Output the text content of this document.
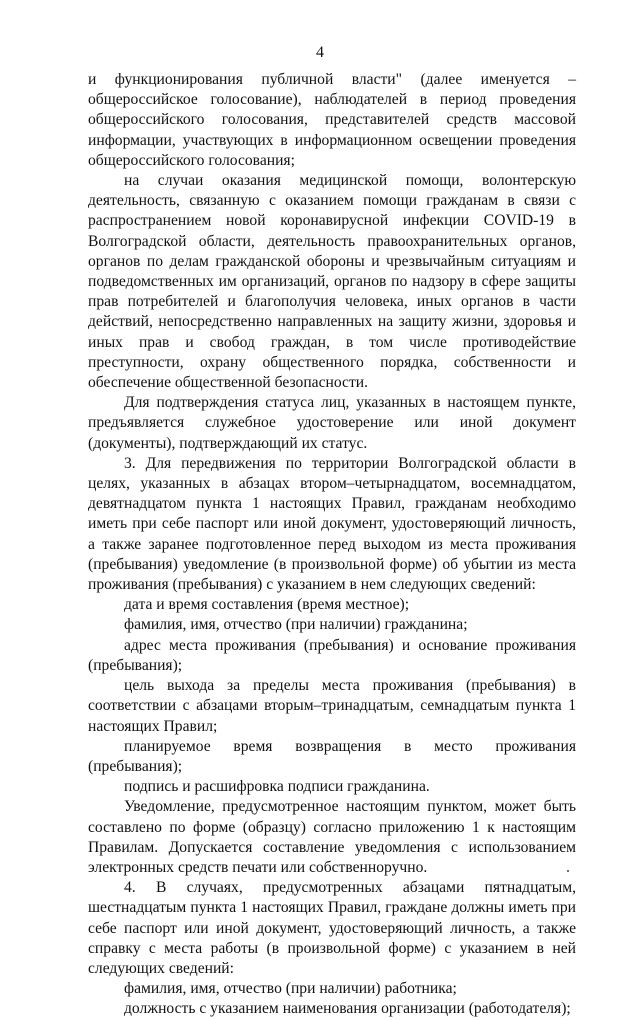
4

и функционирования публичной власти" (далее именуется – общероссийское голосование), наблюдателей в период проведения общероссийского голосования, представителей средств массовой информации, участвующих в информационном освещении проведения общероссийского голосования;

на случаи оказания медицинской помощи, волонтерскую деятельность, связанную с оказанием помощи гражданам в связи с распространением новой коронавирусной инфекции COVID-19 в Волгоградской области, деятельность правоохранительных органов, органов по делам гражданской обороны и чрезвычайным ситуациям и подведомственных им организаций, органов по надзору в сфере защиты прав потребителей и благополучия человека, иных органов в части действий, непосредственно направленных на защиту жизни, здоровья и иных прав и свобод граждан, в том числе противодействие преступности, охрану общественного порядка, собственности и обеспечение общественной безопасности.

Для подтверждения статуса лиц, указанных в настоящем пункте, предъявляется служебное удостоверение или иной документ (документы), подтверждающий их статус.

3. Для передвижения по территории Волгоградской области в целях, указанных в абзацах втором–четырнадцатом, восемнадцатом, девятнадцатом пункта 1 настоящих Правил, гражданам необходимо иметь при себе паспорт или иной документ, удостоверяющий личность, а также заранее подготовленное перед выходом из места проживания (пребывания) уведомление (в произвольной форме) об убытии из места проживания (пребывания) с указанием в нем следующих сведений:

дата и время составления (время местное);

фамилия, имя, отчество (при наличии) гражданина;

адрес места проживания (пребывания) и основание проживания (пребывания);

цель выхода за пределы места проживания (пребывания) в соответствии с абзацами вторым–тринадцатым, семнадцатым пункта 1 настоящих Правил;

планируемое время возвращения в место проживания (пребывания);

подпись и расшифровка подписи гражданина.

Уведомление, предусмотренное настоящим пунктом, может быть составлено по форме (образцу) согласно приложению 1 к настоящим Правилам. Допускается составление уведомления с использованием электронных средств печати или собственноручно.

4. В случаях, предусмотренных абзацами пятнадцатым, шестнадцатым пункта 1 настоящих Правил, граждане должны иметь при себе паспорт или иной документ, удостоверяющий личность, а также справку с места работы (в произвольной форме) с указанием в ней следующих сведений:

фамилия, имя, отчество (при наличии) работника;

должность с указанием наименования организации (работодателя);
